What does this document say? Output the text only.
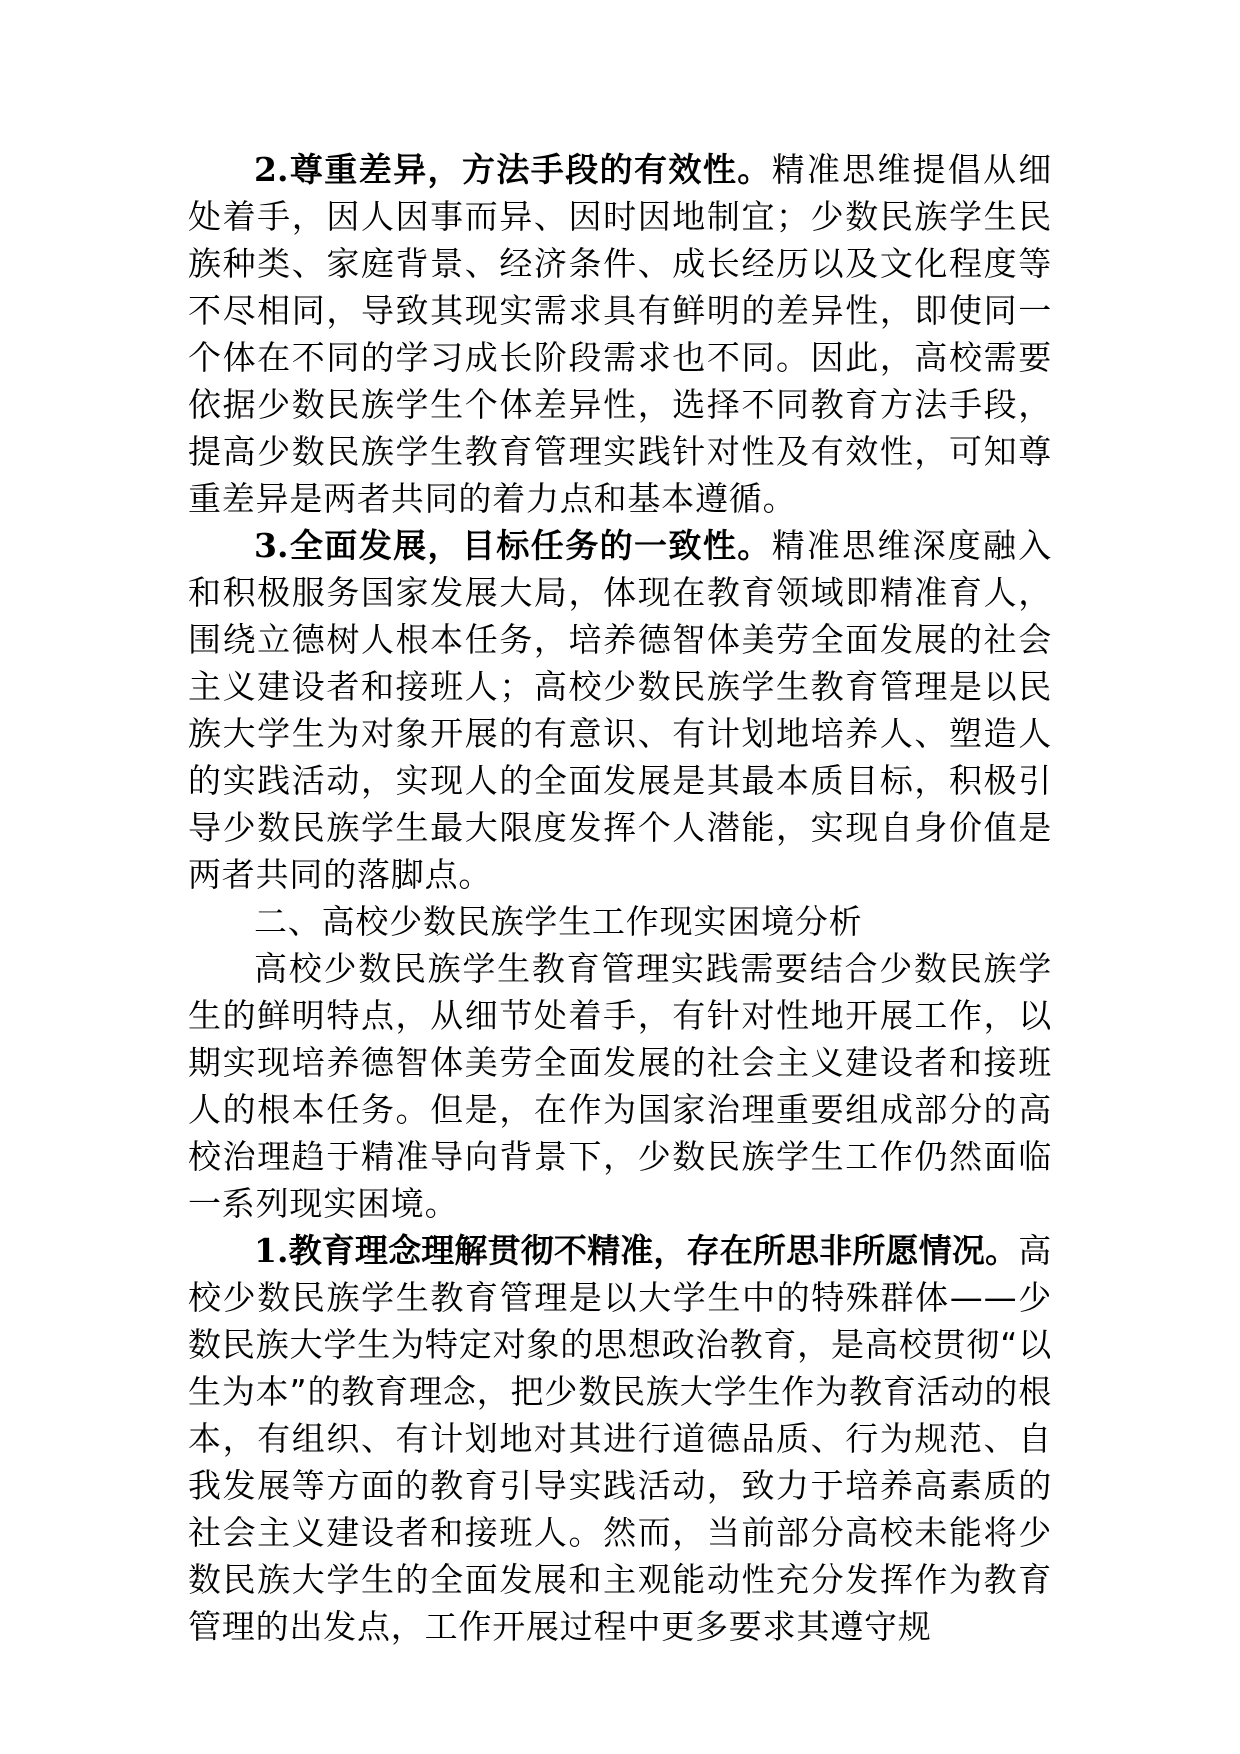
2.尊重差异，方法手段的有效性。精准思维提倡从细处着手，因人因事而异、因时因地制宜；少数民族学生民族种类、家庭背景、经济条件、成长经历以及文化程度等不尽相同，导致其现实需求具有鲜明的差异性，即使同一个体在不同的学习成长阶段需求也不同。因此，高校需要依据少数民族学生个体差异性，选择不同教育方法手段，提高少数民族学生教育管理实践针对性及有效性，可知尊重差异是两者共同的着力点和基本遵循。

3.全面发展，目标任务的一致性。精准思维深度融入和积极服务国家发展大局，体现在教育领域即精准育人，围绕立德树人根本任务，培养德智体美劳全面发展的社会主义建设者和接班人；高校少数民族学生教育管理是以民族大学生为对象开展的有意识、有计划地培养人、塑造人的实践活动，实现人的全面发展是其最本质目标，积极引导少数民族学生最大限度发挥个人潜能，实现自身价值是两者共同的落脚点。

二、高校少数民族学生工作现实困境分析

高校少数民族学生教育管理实践需要结合少数民族学生的鲜明特点，从细节处着手，有针对性地开展工作，以期实现培养德智体美劳全面发展的社会主义建设者和接班人的根本任务。但是，在作为国家治理重要组成部分的高校治理趋于精准导向背景下，少数民族学生工作仍然面临一系列现实困境。

1.教育理念理解贯彻不精准，存在所思非所愿情况。高校少数民族学生教育管理是以大学生中的特殊群体——少数民族大学生为特定对象的思想政治教育，是高校贯彻“以生为本”的教育理念，把少数民族大学生作为教育活动的根本，有组织、有计划地对其进行道德品质、行为规范、自我发展等方面的教育引导实践活动，致力于培养高素质的社会主义建设者和接班人。然而，当前部分高校未能将少数民族大学生的全面发展和主观能动性充分发挥作为教育管理的出发点，工作开展过程中更多要求其遵守规
